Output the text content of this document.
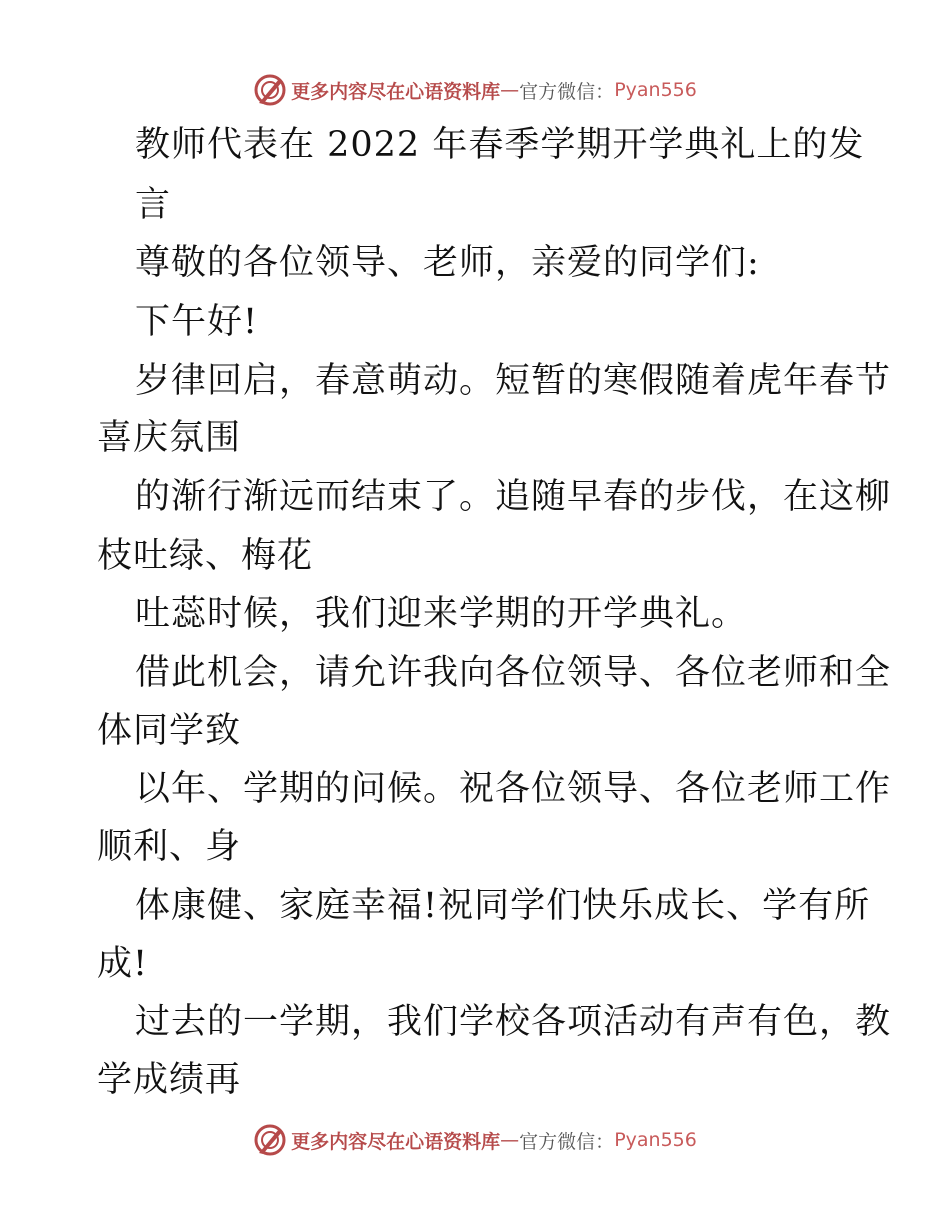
更多内容尽在心语资料库 — 官方微信： Pyan556
教师代表在 2022 年春季学期开学典礼上的发
言
尊敬的各位领导、老师，亲爱的同学们:
下午好!
岁律回启，春意萌动。短暂的寒假随着虎年春节
喜庆氛围
的渐行渐远而结束了。追随早春的步伐，在这柳
枝吐绿、梅花
吐蕊时候，我们迎来学期的开学典礼。
借此机会，请允许我向各位领导、各位老师和全
体同学致
以年、学期的问候。祝各位领导、各位老师工作
顺利、身
体康健、家庭幸福!祝同学们快乐成长、学有所
成!
过去的一学期，我们学校各项活动有声有色，教
学成绩再
更多内容尽在心语资料库 — 官方微信： Pyan556
